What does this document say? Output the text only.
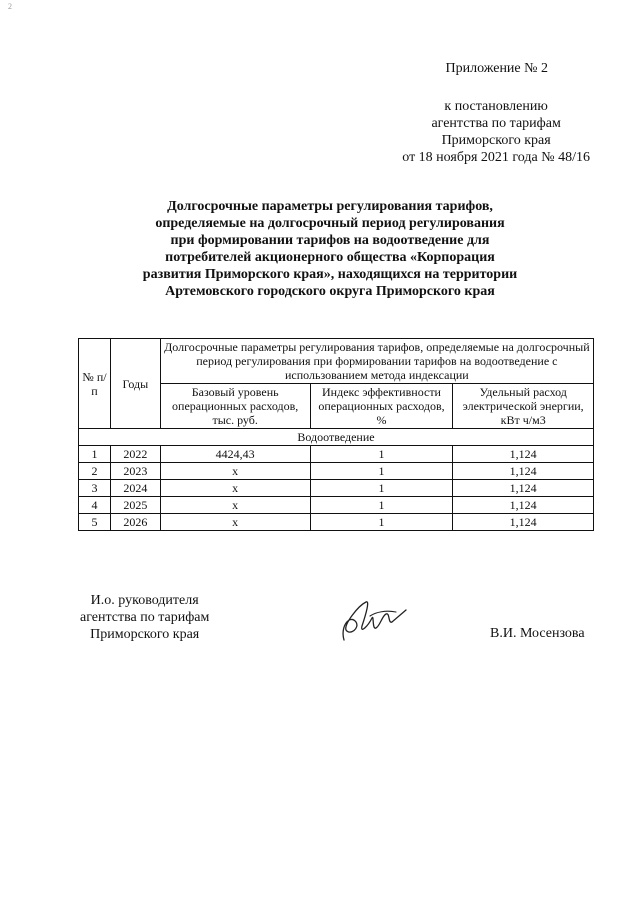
2
Приложение № 2
к постановлению
агентства по тарифам
Приморского края
от 18 ноября 2021 года № 48/16
Долгосрочные параметры регулирования тарифов,
определяемые на долгосрочный период регулирования
при формировании тарифов на водоотведение для
потребителей акционерного общества «Корпорация
развития Приморского края», находящихся на территории
Артемовского городского округа Приморского края
№ п/п	Годы	Долгосрочные параметры регулирования тарифов, определяемые на долгосрочный период регулирования при формировании тарифов на водоотведение с использованием метода индексации		
		Базовый уровень операционных расходов, тыс. руб.	Индекс эффективности операционных расходов, %	Удельный расход электрической энергии, кВт ч/м3
Водоотведение				
1	2022	4424,43	1	1,124
2	2023	х	1	1,124
3	2024	х	1	1,124
4	2025	х	1	1,124
5	2026	х	1	1,124
И.о. руководителя
агентства по тарифам
Приморского края	В.И. Мосензова
